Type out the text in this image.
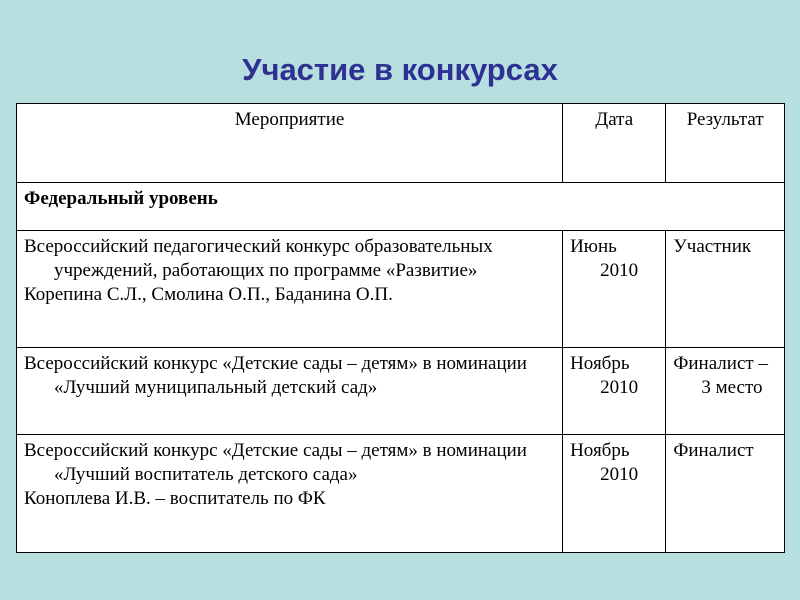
Участие в конкурсах
Мероприятие	Дата	Результат
Федеральный уровень		

Всероссийский педагогический конкурс образовательных учреждений, работающих по программе «Развитие»
Корепина С.Л., Смолина О.П., Баданина О.П.	Июнь 2010	Участник

Всероссийский конкурс «Детские сады – детям» в номинации «Лучший муниципальный детский сад»	Ноябрь 2010	Финалист – 3 место

Всероссийский конкурс «Детские сады – детям» в номинации «Лучший воспитатель детского сада»
Коноплева И.В. – воспитатель по ФК	Ноябрь 2010	Финалист
